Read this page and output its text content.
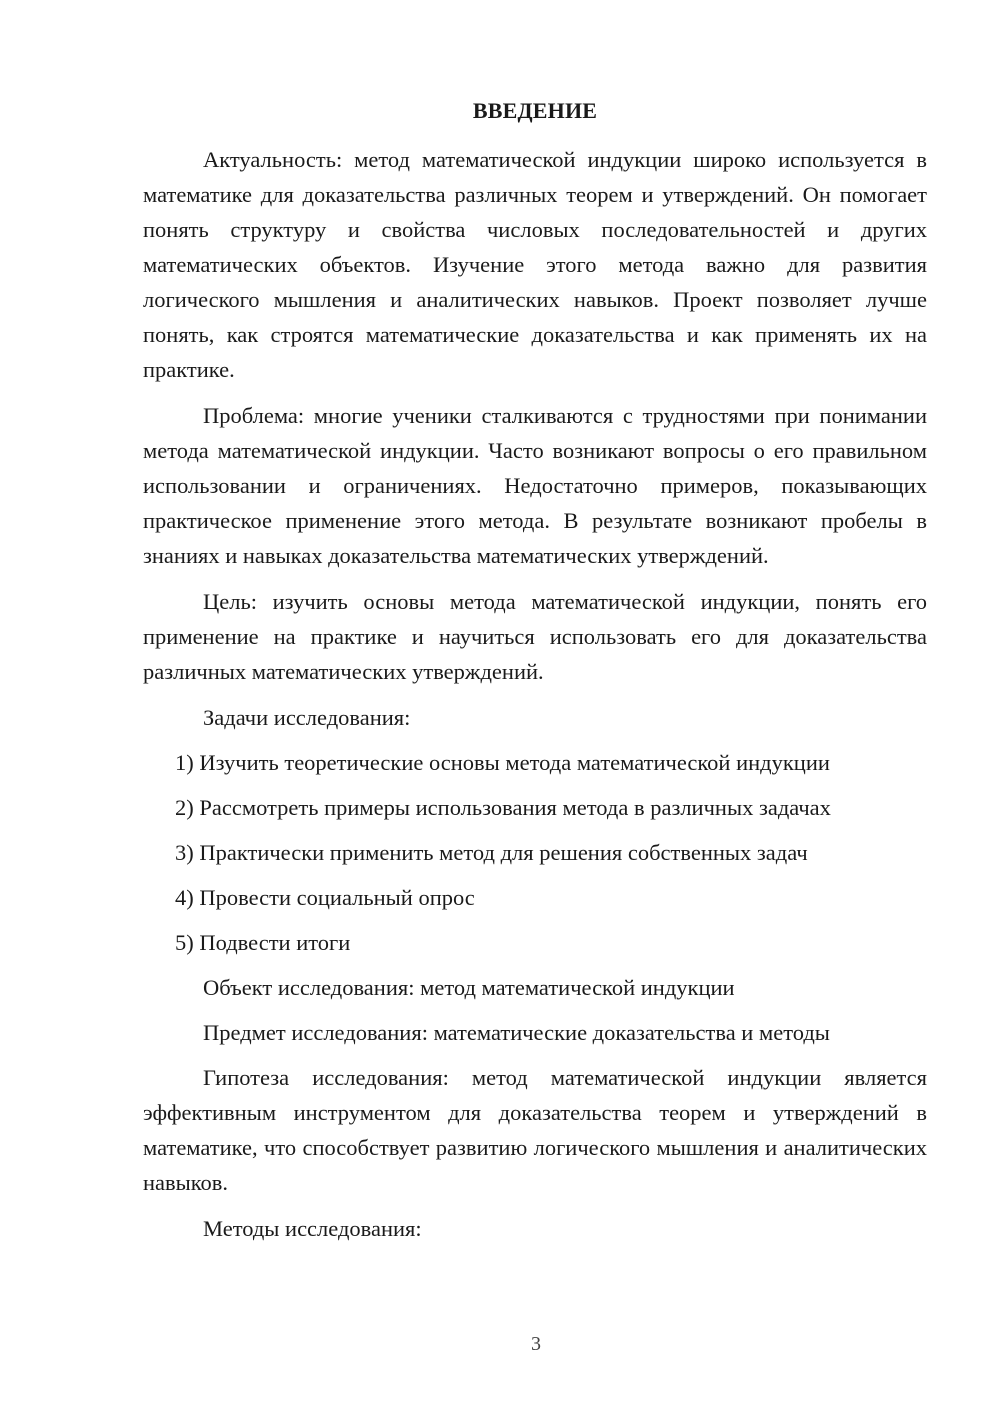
ВВЕДЕНИЕ

Актуальность: метод математической индукции широко используется в математике для доказательства различных теорем и утверждений. Он помогает понять структуру и свойства числовых последовательностей и других математических объектов. Изучение этого метода важно для развития логического мышления и аналитических навыков. Проект позволяет лучше понять, как строятся математические доказательства и как применять их на практике.

Проблема: многие ученики сталкиваются с трудностями при понимании метода математической индукции. Часто возникают вопросы о его правильном использовании и ограничениях. Недостаточно примеров, показывающих практическое применение этого метода. В результате возникают пробелы в знаниях и навыках доказательства математических утверждений.

Цель: изучить основы метода математической индукции, понять его применение на практике и научиться использовать его для доказательства различных математических утверждений.

Задачи исследования:

1) Изучить теоретические основы метода математической индукции
2) Рассмотреть примеры использования метода в различных задачах
3) Практически применить метод для решения собственных задач
4) Провести социальный опрос
5) Подвести итоги

Объект исследования: метод математической индукции

Предмет исследования: математические доказательства и методы

Гипотеза исследования: метод математической индукции является эффективным инструментом для доказательства теорем и утверждений в математике, что способствует развитию логического мышления и аналитических навыков.

Методы исследования:

3
